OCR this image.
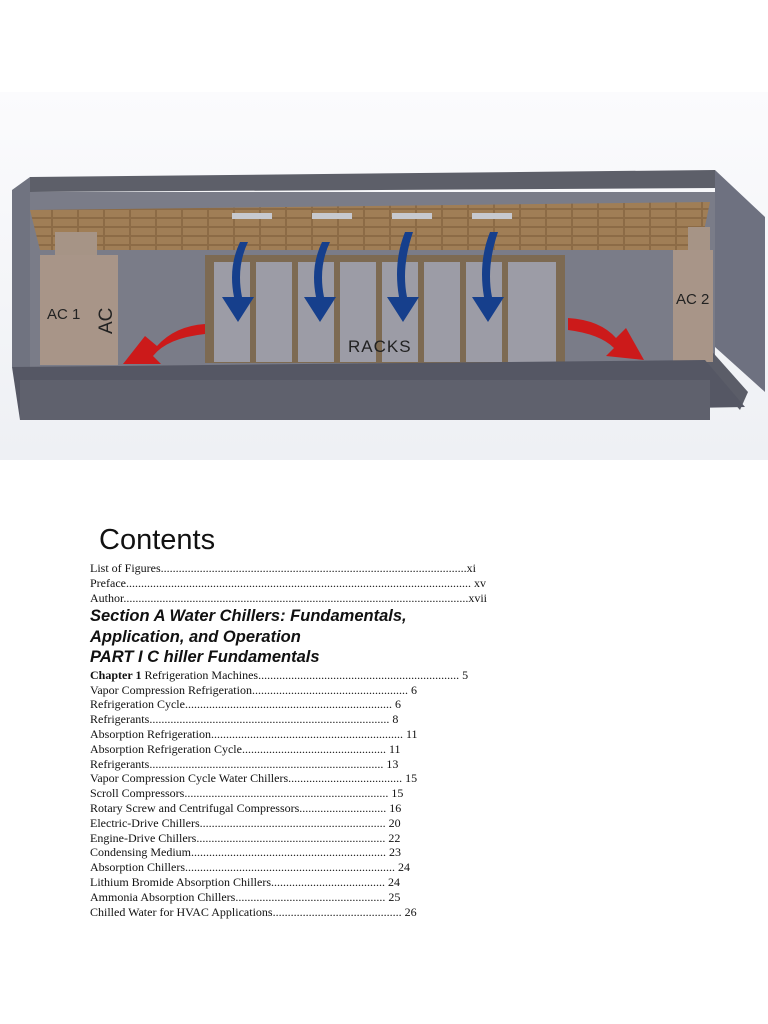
RACKS
AC 1 AC
AC 2
Contents
List of Figures......................................................................................................xi
Preface................................................................................................................... xv
Author...................................................................................................................xvii
Section A Water Chillers: Fundamentals,
Application, and Operation
PART I C hiller Fundamentals
Chapter 1 Refrigeration Machines................................................................... 5
Vapor Compression Refrigeration.................................................... 6
Refrigeration Cycle..................................................................... 6
Refrigerants................................................................................ 8
Absorption Refrigeration................................................................ 11
Absorption Refrigeration Cycle................................................ 11
Refrigerants.............................................................................. 13
Vapor Compression Cycle Water Chillers...................................... 15
Scroll Compressors.................................................................... 15
Rotary Screw and Centrifugal Compressors............................. 16
Electric-Drive Chillers.............................................................. 20
Engine-Drive Chillers............................................................... 22
Condensing Medium................................................................. 23
Absorption Chillers...................................................................... 24
Lithium Bromide Absorption Chillers...................................... 24
Ammonia Absorption Chillers.................................................. 25
Chilled Water for HVAC Applications........................................... 26
